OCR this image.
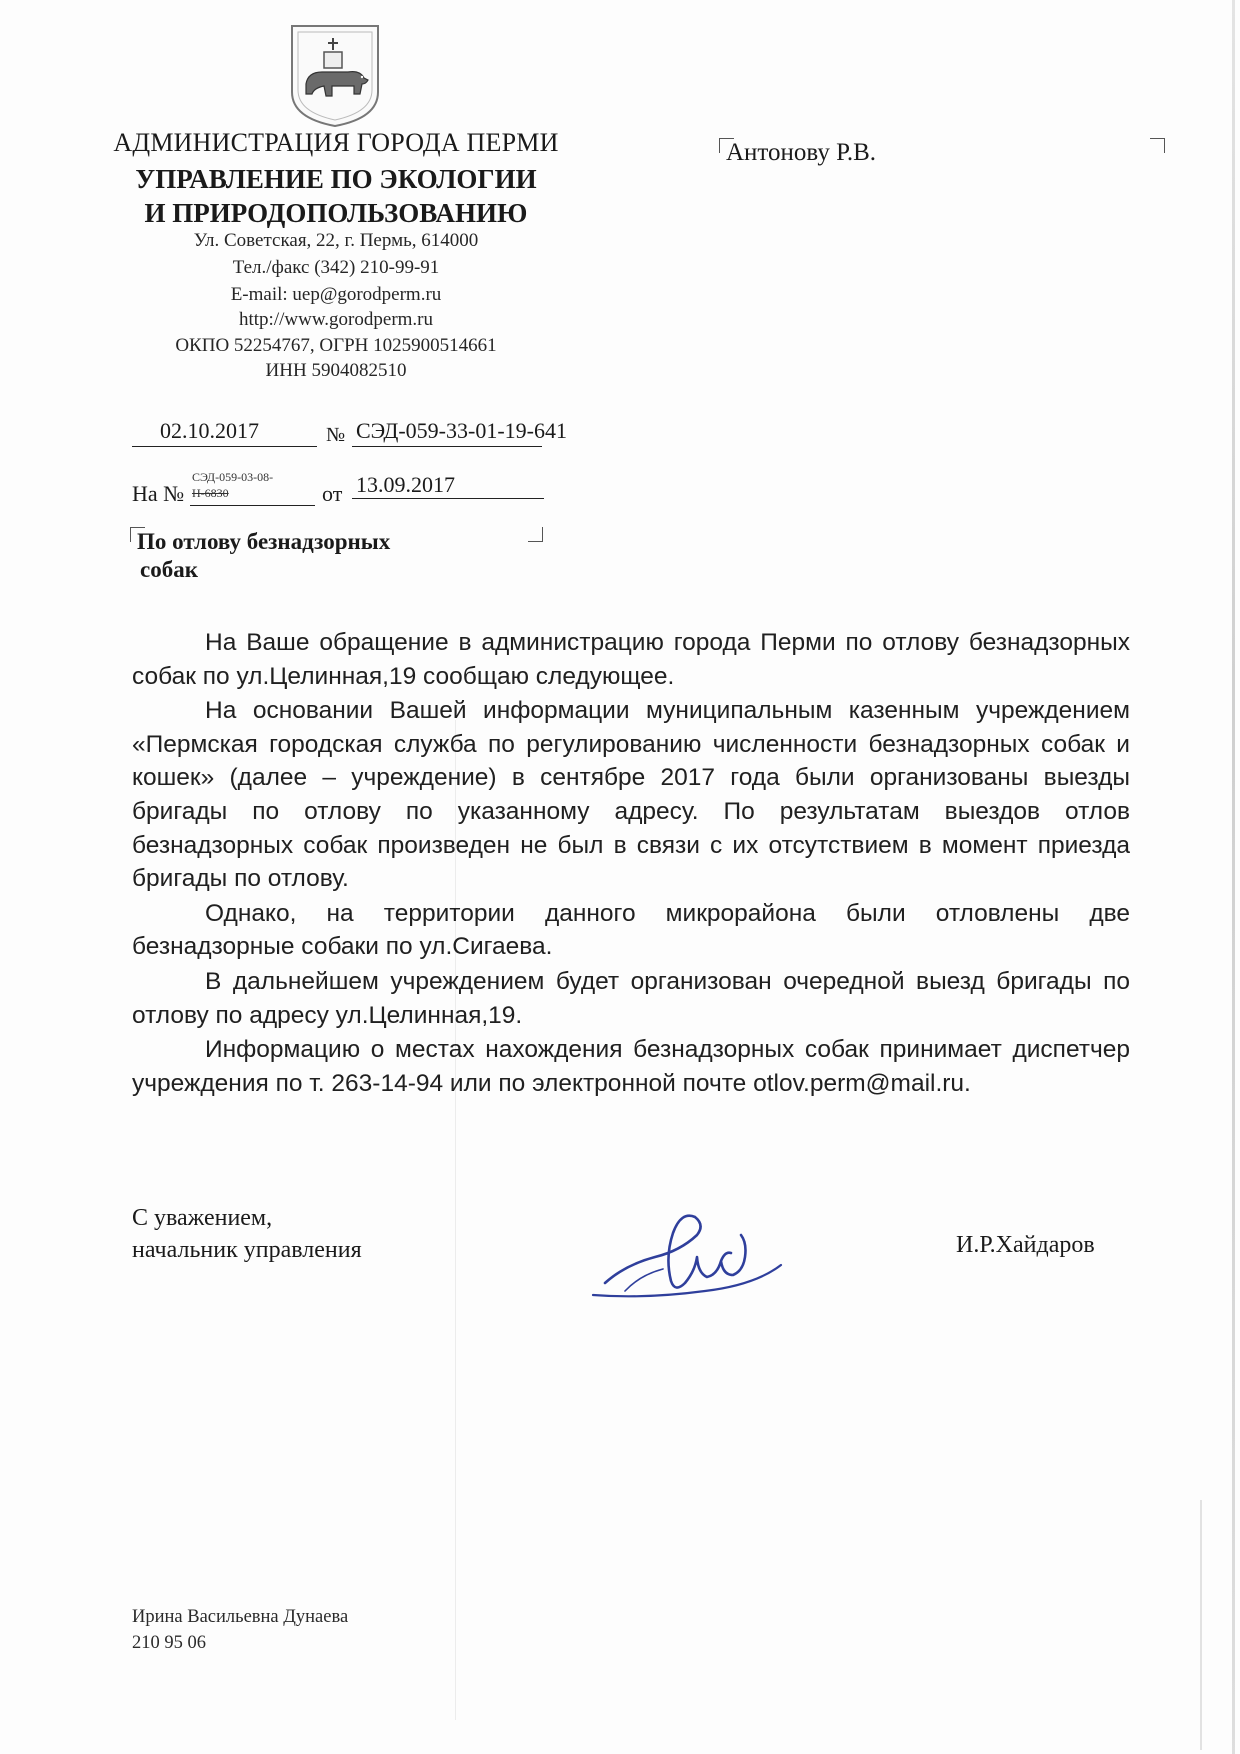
АДМИНИСТРАЦИЯ ГОРОДА ПЕРМИ
УПРАВЛЕНИЕ ПО ЭКОЛОГИИ
И ПРИРОДОПОЛЬЗОВАНИЮ
Ул. Советская, 22, г. Пермь, 614000
Тел./факс (342) 210-99-91
E-mail: uep@gorodperm.ru
http://www.gorodperm.ru
ОКПО 52254767, ОГРН 1025900514661
ИНН 5904082510
Антонову Р.В.
02.10.2017	№ СЭД-059-33-01-19-641
На №
СЭД-059-03-08-
Н-6830	от 13.09.2017
По отлову безнадзорных
собак

На Ваше обращение в администрацию города Перми по отлову безнадзорных собак по ул.Целинная,19 сообщаю следующее.

На основании Вашей информации муниципальным казенным учреждением «Пермская городская служба по регулированию численности безнадзорных собак и кошек» (далее – учреждение) в сентябре 2017 года были организованы выезды бригады по отлову по указанному адресу. По результатам выездов отлов безнадзорных собак произведен не был в связи с их отсутствием в момент приезда бригады по отлову.

Однако, на территории данного микрорайона были отловлены две безнадзорные собаки по ул.Сигаева.

В дальнейшем учреждением будет организован очередной выезд бригады по отлову по адресу ул.Целинная,19.

Информацию о местах нахождения безнадзорных собак принимает диспетчер учреждения по т. 263-14-94 или по электронной почте otlov.perm@mail.ru.

С уважением,
начальник управления	И.Р.Хайдаров
Ирина Васильевна Дунаева
210 95 06
